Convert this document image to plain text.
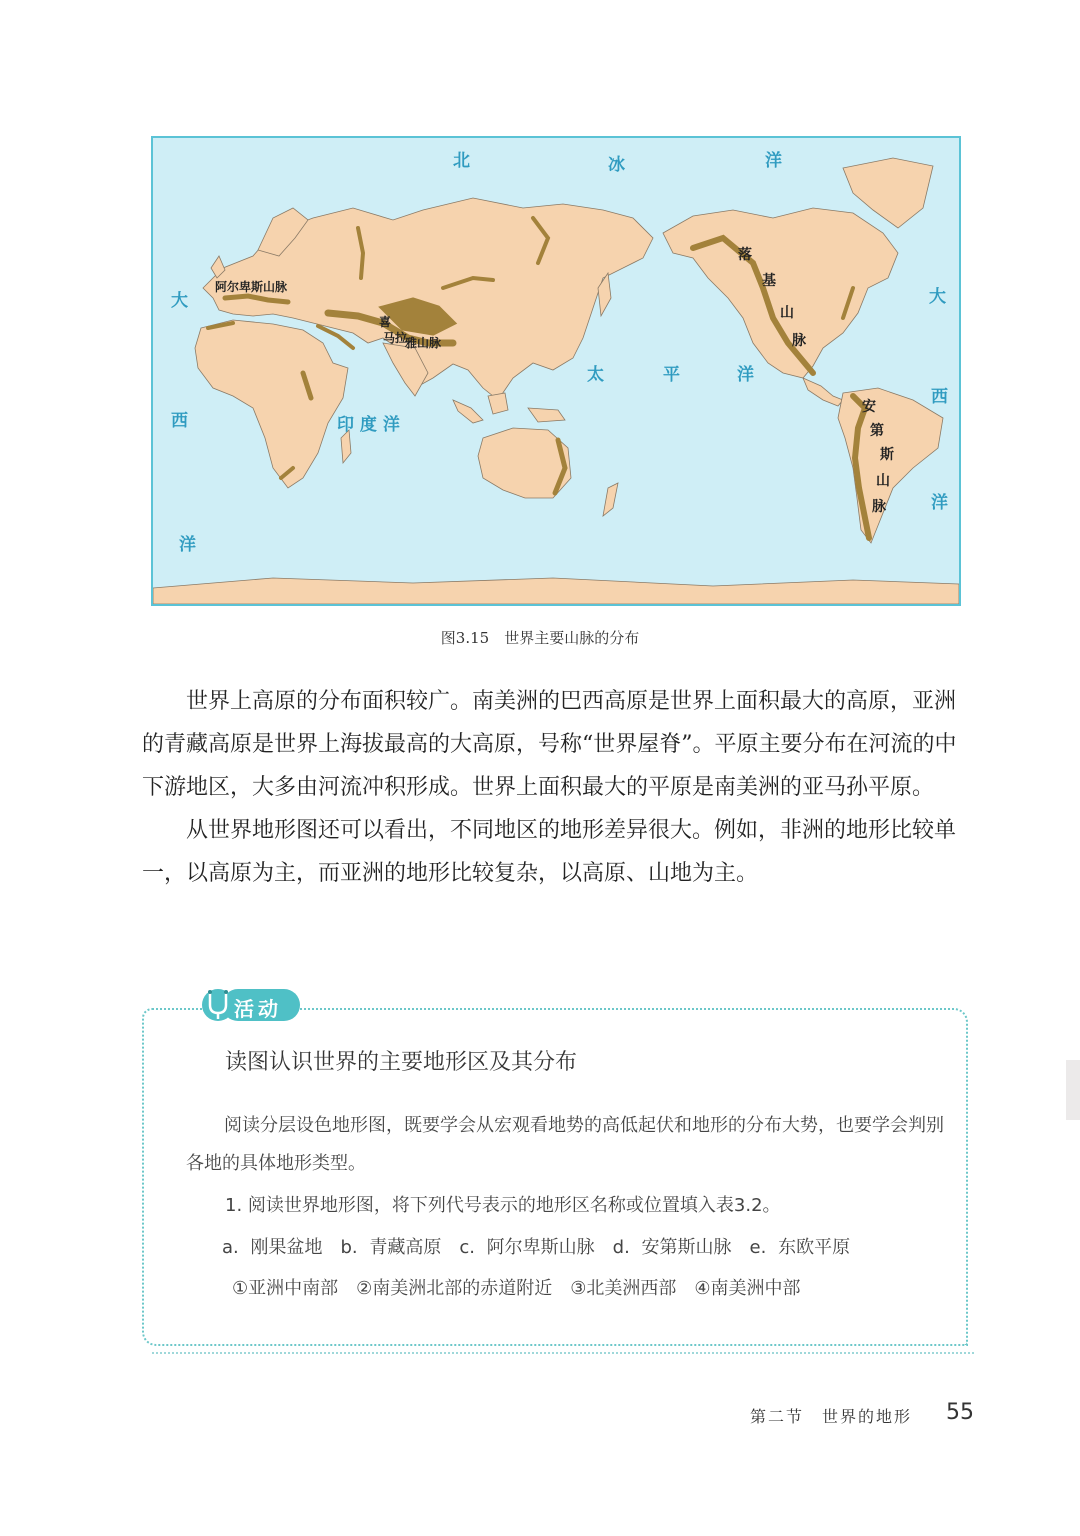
北	冰	洋
大
西
洋
大
西
洋
太	平	洋
印 度 洋
阿尔卑斯山脉
喜
马拉
雅山脉
落
基
山
脉
安
第
斯
山
脉
图3.15　世界主要山脉的分布

世界上高原的分布面积较广。南美洲的巴西高原是世界上面积最大的高原，亚洲的青藏高原是世界上海拔最高的大高原，号称“世界屋脊”。平原主要分布在河流的中下游地区，大多由河流冲积形成。世界上面积最大的平原是南美洲的亚马孙平原。

从世界地形图还可以看出，不同地区的地形差异很大。例如，非洲的地形比较单一，以高原为主，而亚洲的地形比较复杂，以高原、山地为主。

活动
读图认识世界的主要地形区及其分布

阅读分层设色地形图，既要学会从宏观看地势的高低起伏和地形的分布大势，也要学会判别各地的具体地形类型。

1. 阅读世界地形图，将下列代号表示的地形区名称或位置填入表3.2。
a. 刚果盆地　b. 青藏高原　c. 阿尔卑斯山脉　d. 安第斯山脉　e. 东欧平原
①亚洲中南部　②南美洲北部的赤道附近　③北美洲西部　④南美洲中部
第二节　世界的地形 55
